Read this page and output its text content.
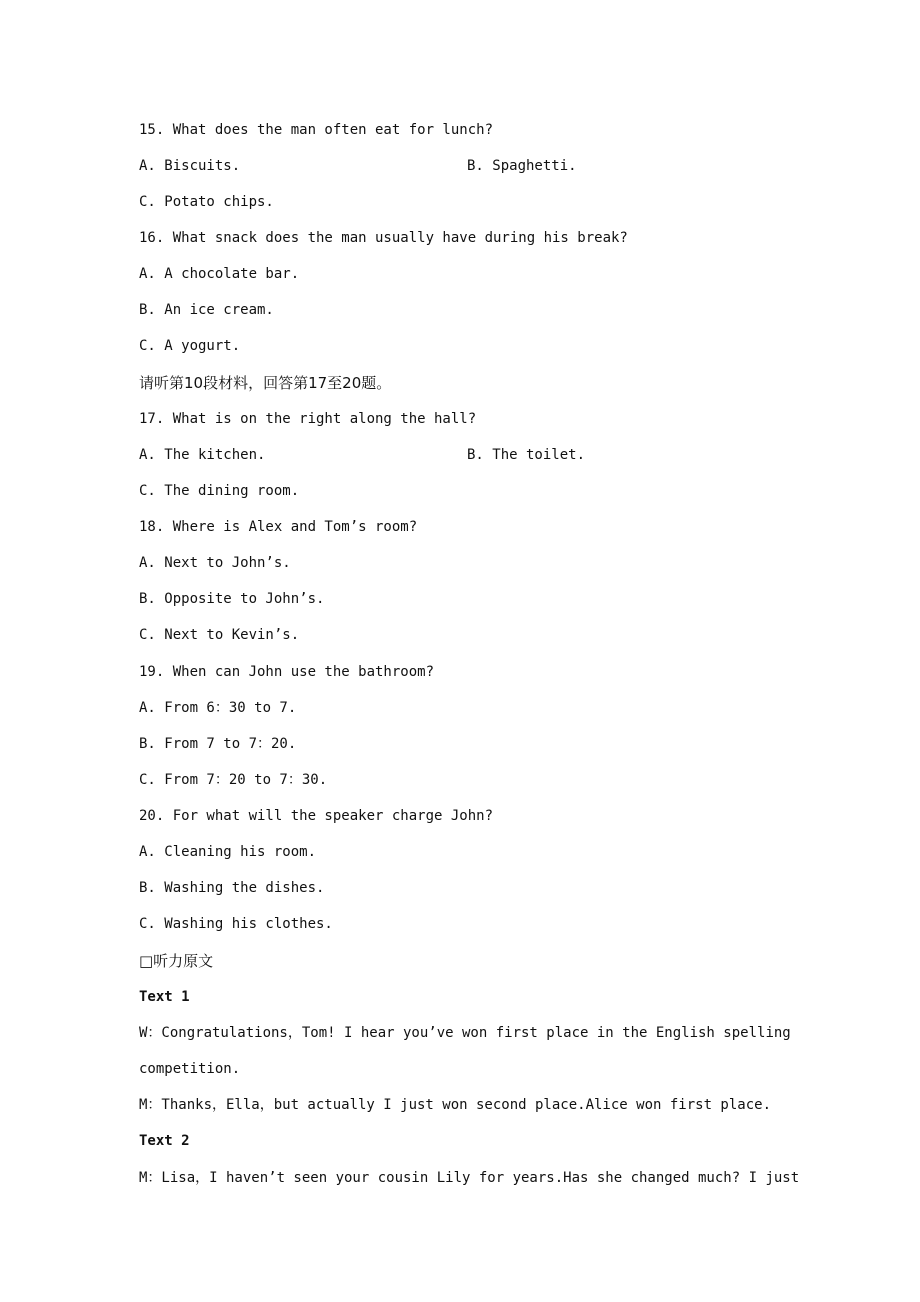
15. What does the man often eat for lunch?
A. Biscuits.	B. Spaghetti.
C. Potato chips.
16. What snack does the man usually have during his break?
A. A chocolate bar.
B. An ice cream.
C. A yogurt.
请听第10段材料，回答第17至20题。
17. What is on the right along the hall?
A. The kitchen.	B. The toilet.
C. The dining room.
18. Where is Alex and Tom’s room?
A. Next to John’s.
B. Opposite to John’s.
C. Next to Kevin’s.
19. When can John use the bathroom?
A. From 6：30 to 7.
B. From 7 to 7：20.
C. From 7：20 to 7：30.
20. For what will the speaker charge John?
A. Cleaning his room.
B. Washing the dishes.
C. Washing his clothes.
□听力原文
Text 1
W：Congratulations，Tom! I hear you’ve won first place in the English spelling
competition.
M：Thanks，Ella，but actually I just won second place.Alice won first place.
Text 2
M：Lisa，I haven’t seen your cousin Lily for years.Has she changed much? I just
